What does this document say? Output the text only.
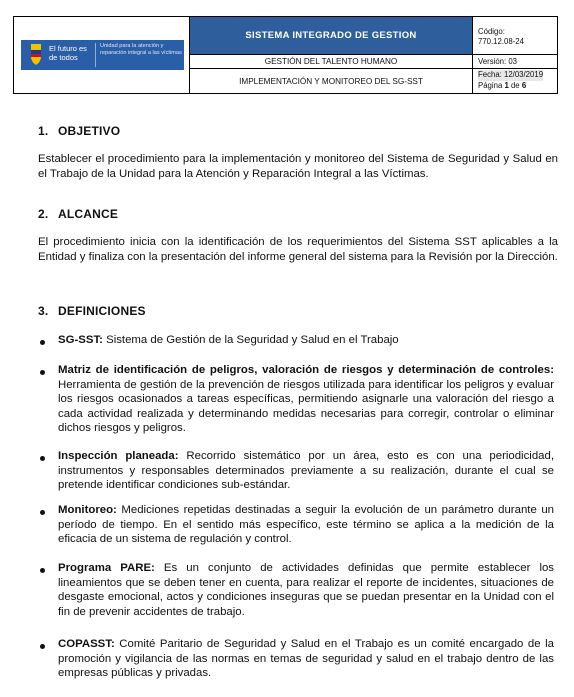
El futuro es de todos
Unidad para la atención y reparación integral a las víctimas
SISTEMA INTEGRADO DE GESTION
GESTIÓN DEL TALENTO HUMANO
IMPLEMENTACIÓN Y MONITOREO DEL SG-SST
Código:
770.12.08-24
Versión: 03
Fecha: 12/03/2019
Página 1 de 6
1. OBJETIVO
Establecer el procedimiento para la implementación y monitoreo del Sistema de Seguridad y Salud en el Trabajo de la Unidad para la Atención y Reparación Integral a las Víctimas.
2. ALCANCE
El procedimiento inicia con la identificación de los requerimientos del Sistema SST aplicables a la Entidad y finaliza con la presentación del informe general del sistema para la Revisión por la Dirección.
3. DEFINICIONES
SG-SST: Sistema de Gestión de la Seguridad y Salud en el Trabajo
Matriz de identificación de peligros, valoración de riesgos y determinación de controles: Herramienta de gestión de la prevención de riesgos utilizada para identificar los peligros y evaluar los riesgos ocasionados a tareas específicas, permitiendo asignarle una valoración del riesgo a cada actividad realizada y determinando medidas necesarias para corregir, controlar o eliminar dichos riesgos y peligros.
Inspección planeada: Recorrido sistemático por un área, esto es con una periodicidad, instrumentos y responsables determinados previamente a su realización, durante el cual se pretende identificar condiciones sub-estándar.
Monitoreo: Mediciones repetidas destinadas a seguir la evolución de un parámetro durante un período de tiempo. En el sentido más específico, este término se aplica a la medición de la eficacia de un sistema de regulación y control.
Programa PARE: Es un conjunto de actividades definidas que permite establecer los lineamientos que se deben tener en cuenta, para realizar el reporte de incidentes, situaciones de desgaste emocional, actos y condiciones inseguras que se puedan presentar en la Unidad con el fin de prevenir accidentes de trabajo.
COPASST: Comité Paritario de Seguridad y Salud en el Trabajo es un comité encargado de la promoción y vigilancia de las normas en temas de seguridad y salud en el trabajo dentro de las empresas públicas y privadas.
